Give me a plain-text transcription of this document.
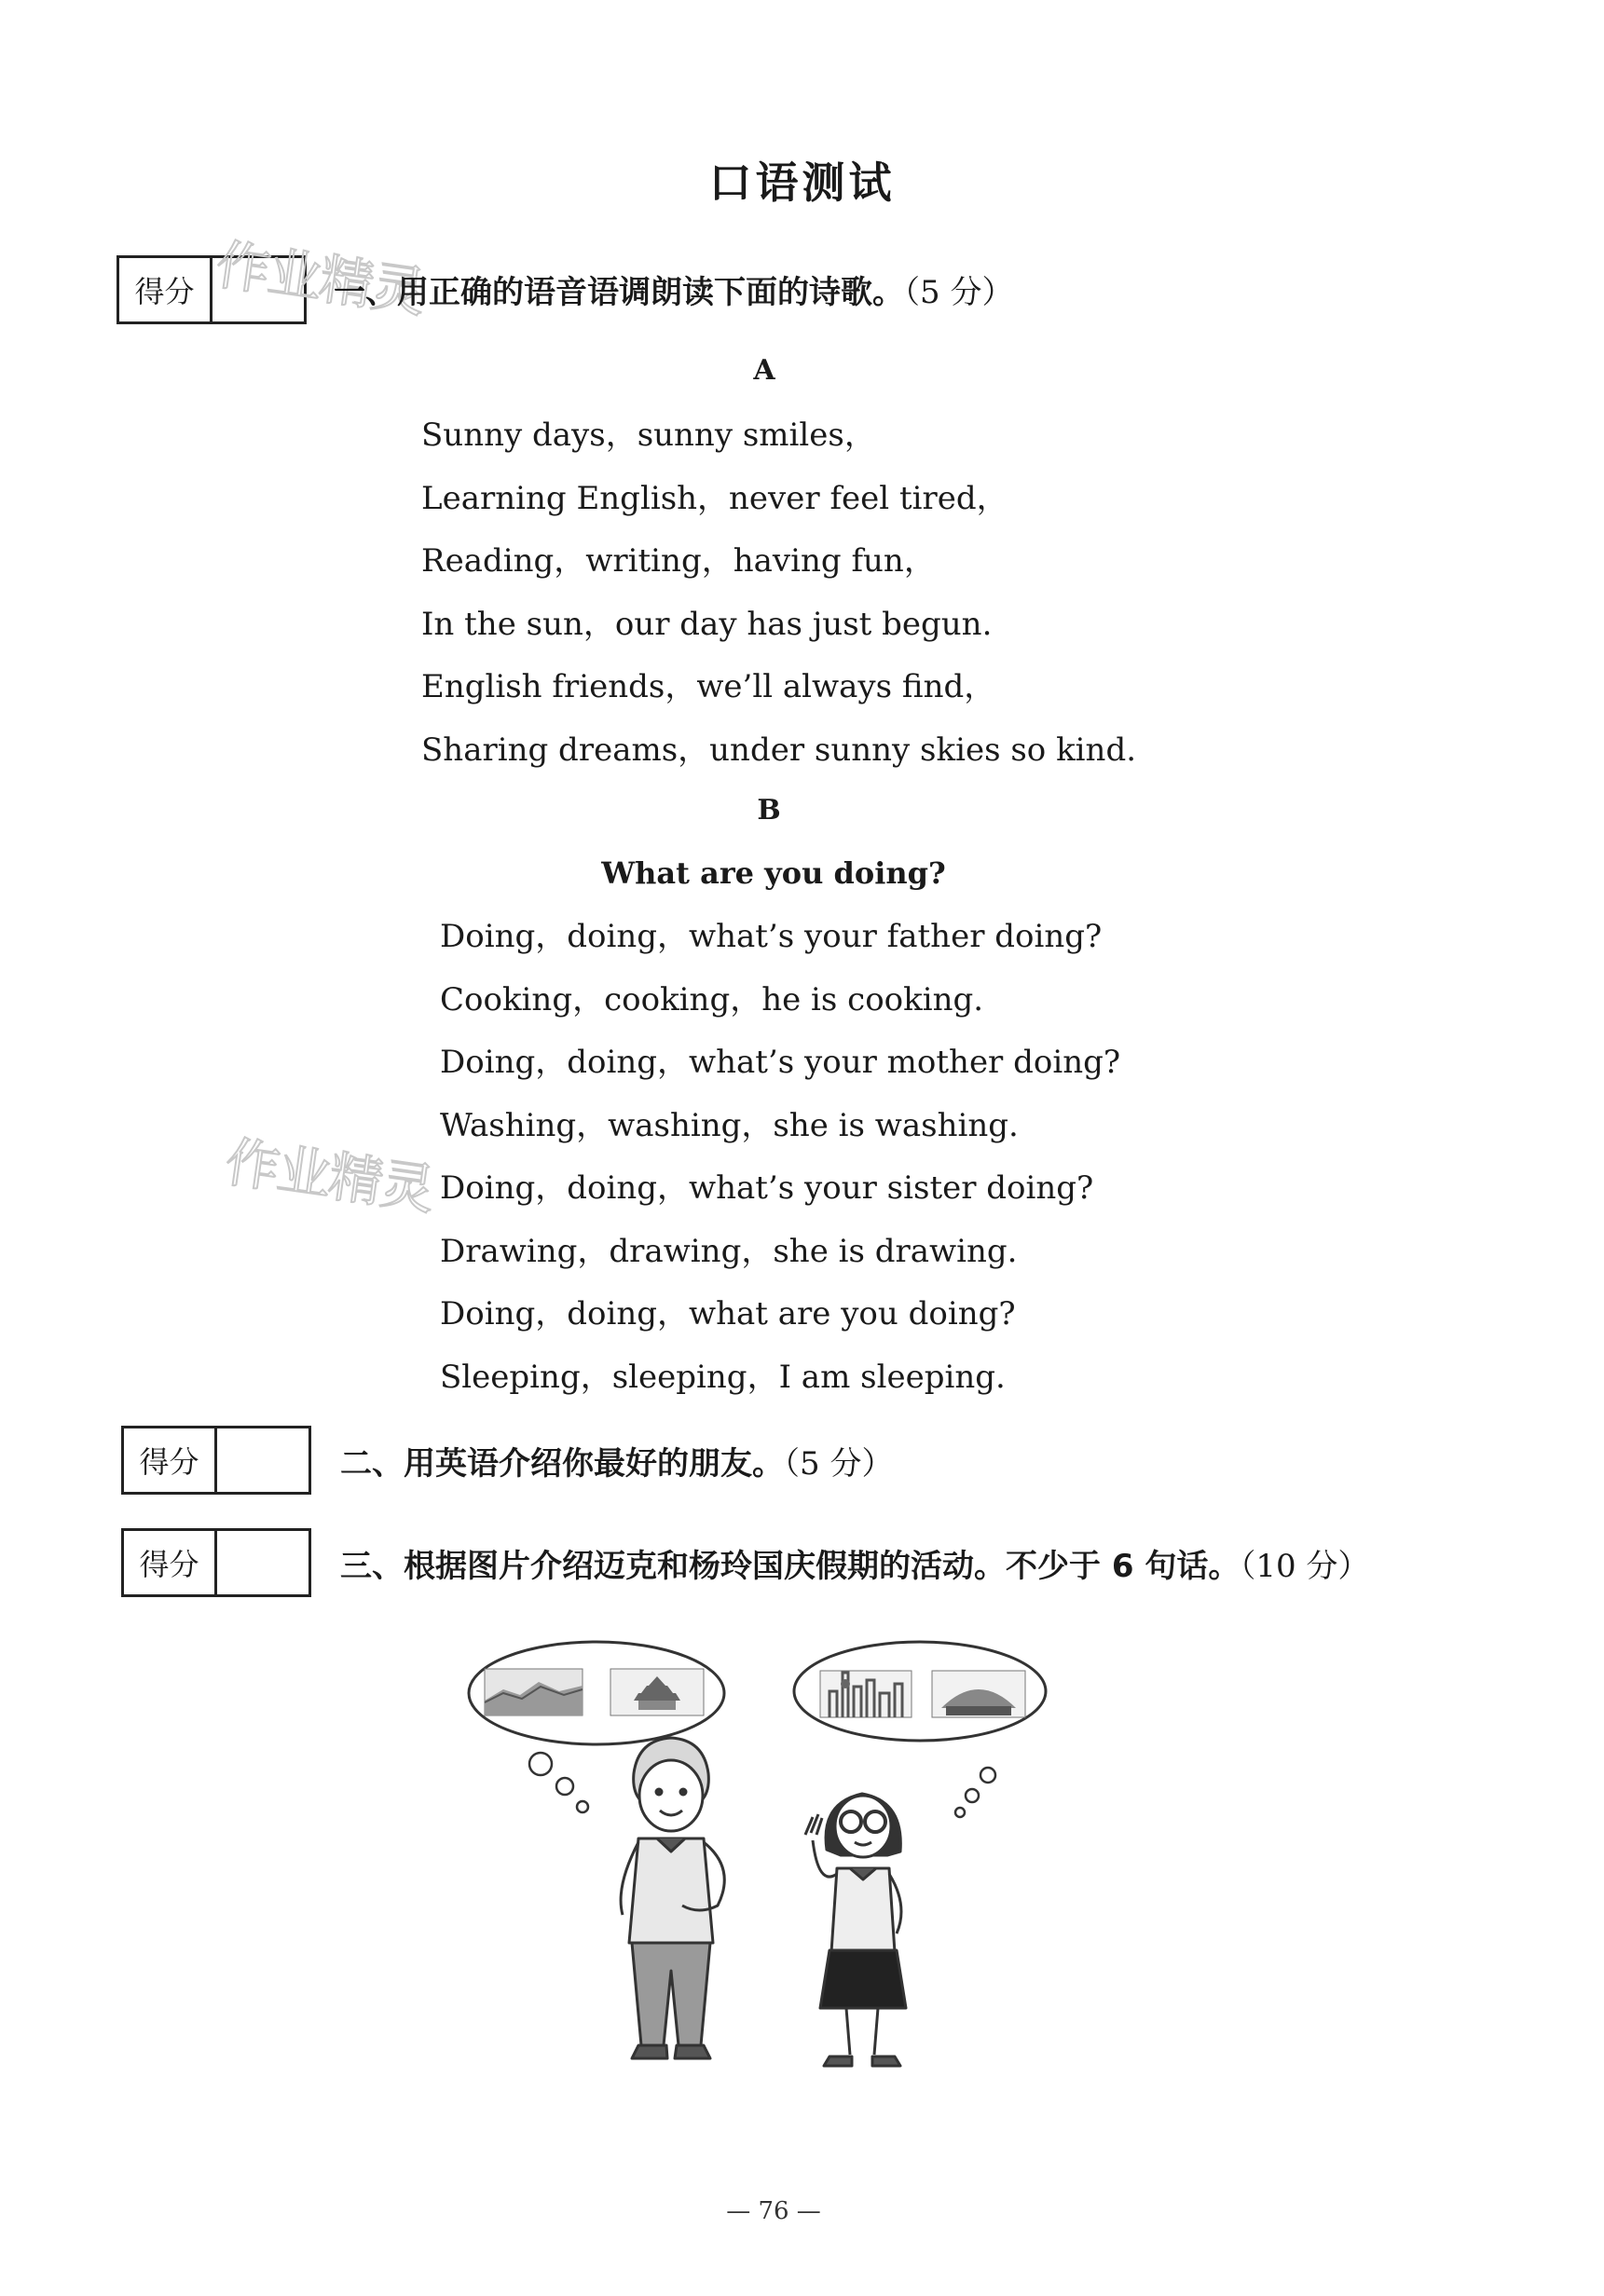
口语测试
得分 作业精灵
一、用正确的语音语调朗读下面的诗歌。（5 分）
A
Sunny days，sunny smiles，
Learning English，never feel tired，
Reading，writing，having fun，
In the sun，our day has just begun.
English friends，we’ll always find，
Sharing dreams，under sunny skies so kind.
B
What are you doing?
Doing，doing，what’s your father doing?
Cooking，cooking，he is cooking.
Doing，doing，what’s your mother doing?
Washing，washing，she is washing.
Doing，doing，what’s your sister doing?
Drawing，drawing，she is drawing.
Doing，doing，what are you doing?
Sleeping，sleeping，I am sleeping.
作业精灵
得分	二、用英语介绍你最好的朋友。（5 分）
得分	三、根据图片介绍迈克和杨玲国庆假期的活动。不少于 6 句话。（10 分）
— 76 —
